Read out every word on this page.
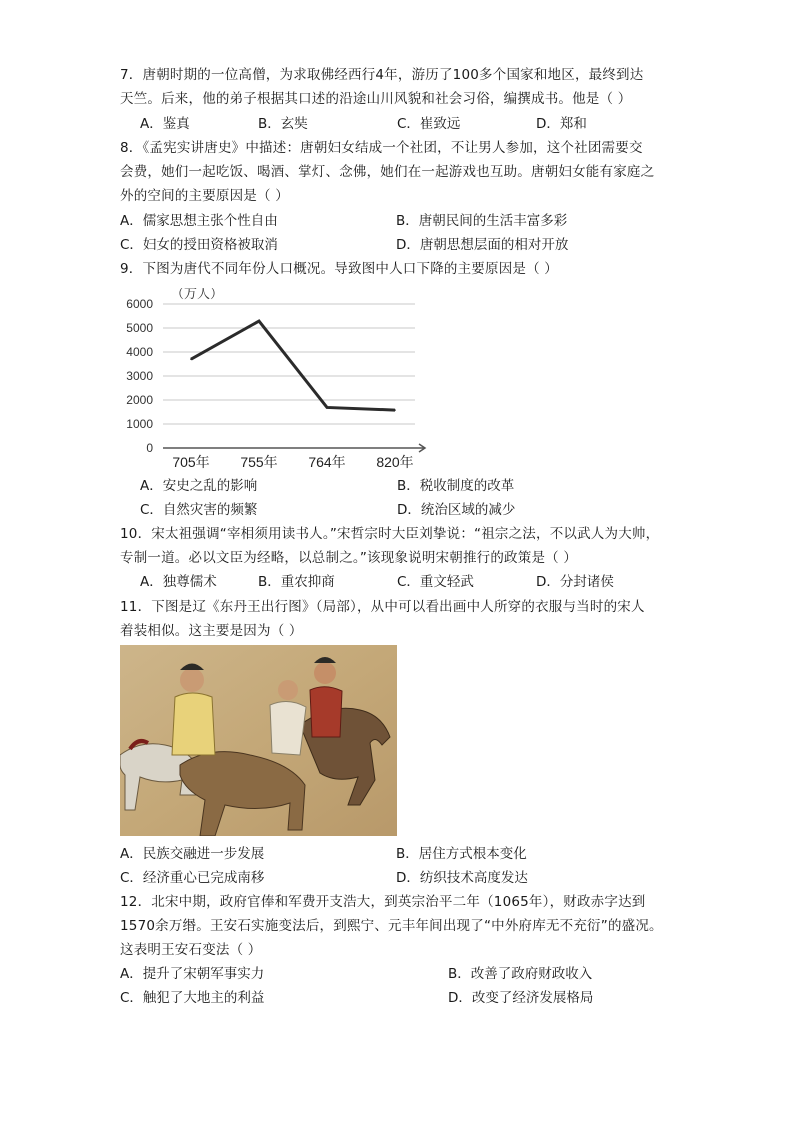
7．唐朝时期的一位高僧，为求取佛经西行4年，游历了100多个国家和地区，最终到达
天竺。后来，他的弟子根据其口述的沿途山川风貌和社会习俗，编撰成书。他是（ ）
A．鉴真	B．玄奘	C．崔致远	D．郑和
8．《孟宪实讲唐史》中描述：唐朝妇女结成一个社团，不让男人参加，这个社团需要交
会费，她们一起吃饭、喝酒、掌灯、念佛，她们在一起游戏也互助。唐朝妇女能有家庭之
外的空间的主要原因是（ ）
A．儒家思想主张个性自由	B．唐朝民间的生活丰富多彩
C．妇女的授田资格被取消	D．唐朝思想层面的相对开放
9．下图为唐代不同年份人口概况。导致图中人口下降的主要原因是（ ）
0
1000
2000
3000
4000
5000
6000
705年 755年 764年 820年
（万人）
A．安史之乱的影响	B．税收制度的改革
C．自然灾害的频繁	D．统治区域的减少
10．宋太祖强调“宰相须用读书人。”宋哲宗时大臣刘挚说：“祖宗之法，不以武人为大帅，
专制一道。必以文臣为经略，以总制之。”该现象说明宋朝推行的政策是（ ）
A．独尊儒术	B．重农抑商	C．重文轻武	D．分封诸侯
11．下图是辽《东丹王出行图》（局部），从中可以看出画中人所穿的衣服与当时的宋人
着装相似。这主要是因为（ ）
A．民族交融进一步发展	B．居住方式根本变化
C．经济重心已完成南移	D．纺织技术高度发达
12．北宋中期，政府官俸和军费开支浩大，到英宗治平二年（1065年），财政赤字达到
1570余万缗。王安石实施变法后，到熙宁、元丰年间出现了“中外府库无不充衍”的盛况。
这表明王安石变法（ ）
A．提升了宋朝军事实力	B．改善了政府财政收入
C．触犯了大地主的利益	D．改变了经济发展格局
